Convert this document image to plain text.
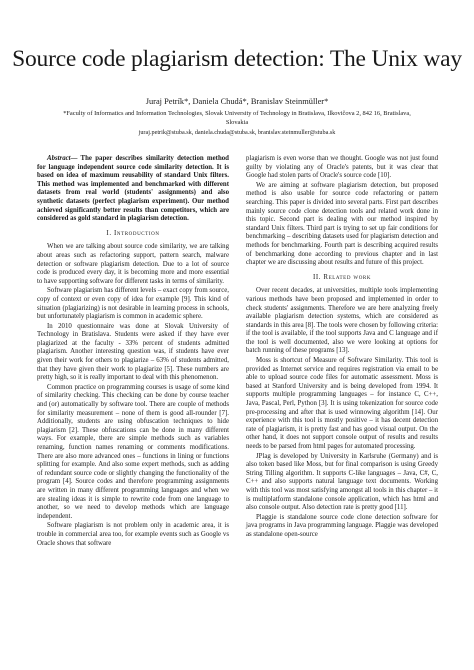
Source code plagiarism detection: The Unix way
Juraj Petrík*, Daniela Chudá*, Branislav Steinmüller*
*Faculty of Informatics and Information Technologies, Slovak University of Technology in Bratislava, Ilkovičova 2, 842 16, Bratislava, Slovakia
juraj.petrik@stuba.sk, daniela.chuda@stuba.sk, branislav.steinmuller@stuba.sk

Abstract— The paper describes similarity detection method for language independent source code similarity detection. It is based on idea of maximum reusability of standard Unix filters. This method was implemented and benchmarked with different datasets from real world (students' assignments) and also synthetic datasets (perfect plagiarism experiment). Our method achieved significantly better results than competitors, which are considered as gold standard in plagiarism detection.

I. Introduction

When we are talking about source code similarity, we are talking about areas such as refactoring support, pattern search, malware detection or software plagiarism detection. Due to a lot of source code is produced every day, it is becoming more and more essential to have supporting software for different tasks in terms of similarity.

Software plagiarism has different levels – exact copy from source, copy of context or even copy of idea for example [9]. This kind of situation (plagiarizing) is not desirable in learning process in schools, but unfortunately plagiarism is common in academic sphere.

In 2010 questionnaire was done at Slovak University of Technology in Bratislava. Students were asked if they have ever plagiarized at the faculty - 33% percent of students admitted plagiarism. Another interesting question was, if students have ever given their work for others to plagiarize – 63% of students admitted, that they have given their work to plagiarize [5]. These numbers are pretty high, so it is really important to deal with this phenomenon.

Common practice on programming courses is usage of some kind of similarity checking. This checking can be done by course teacher and (or) automatically by software tool. There are couple of methods for similarity measurement – none of them is good all-rounder [7]. Additionally, students are using obfuscation techniques to hide plagiarism [2]. These obfuscations can be done in many different ways. For example, there are simple methods such as variables renaming, function names renaming or comments modifications. There are also more advanced ones – functions in lining or functions splitting for example. And also some expert methods, such as adding of redundant source code or slightly changing the functionality of the program [4]. Source codes and therefore programming assignments are written in many different programming languages and when we are stealing ideas it is simple to rewrite code from one language to another, so we need to develop methods which are language independent.

Software plagiarism is not problem only in academic area, it is trouble in commercial area too, for example events such as Google vs Oracle shows that software

plagiarism is even worse than we thought. Google was not just found guilty by violating any of Oracle's patents, but it was clear that Google had stolen parts of Oracle's source code [10].

We are aiming at software plagiarism detection, but proposed method is also usable for source code refactoring or pattern searching. This paper is divided into several parts. First part describes mainly source code clone detection tools and related work done in this topic. Second part is dealing with our method inspired by standard Unix filters. Third part is trying to set up fair conditions for benchmarking – describing datasets used for plagiarism detection and methods for benchmarking. Fourth part is describing acquired results of benchmarking done according to previous chapter and in last chapter we are discussing about results and future of this project.

II. Related work

Over recent decades, at universities, multiple tools implementing various methods have been proposed and implemented in order to check students' assignments. Therefore we are here analyzing freely available plagiarism detection systems, which are considered as standards in this area [8]. The tools were chosen by following criteria: if the tool is available, if the tool supports Java and C language and if the tool is well documented, also we were looking at options for batch running of these programs [13].

Moss is shortcut of Measure of Software Similarity. This tool is provided as Internet service and requires registration via email to be able to upload source code files for automatic assessment. Moss is based at Stanford University and is being developed from 1994. It supports multiple programming languages – for instance C, C++, Java, Pascal, Perl, Python [3]. It is using tokenization for source code pre-processing and after that is used winnowing algorithm [14]. Our experience with this tool is mostly positive – it has decent detection rate of plagiarism, it is pretty fast and has good visual output. On the other hand, it does not support console output of results and results needs to be parsed from html pages for automated processing.

JPlag is developed by University in Karlsruhe (Germany) and is also token based like Moss, but for final comparison is using Greedy String Tilling algorithm. It supports C-like languages – Java, C#, C, C++ and also supports natural language text documents. Working with this tool was most satisfying amongst all tools in this chapter – it is multiplatform standalone console application, which has html and also console output. Also detection rate is pretty good [11].

Plaggie is standalone source code clone detection software for java programs in Java programming language. Plaggie was developed as standalone open-source
